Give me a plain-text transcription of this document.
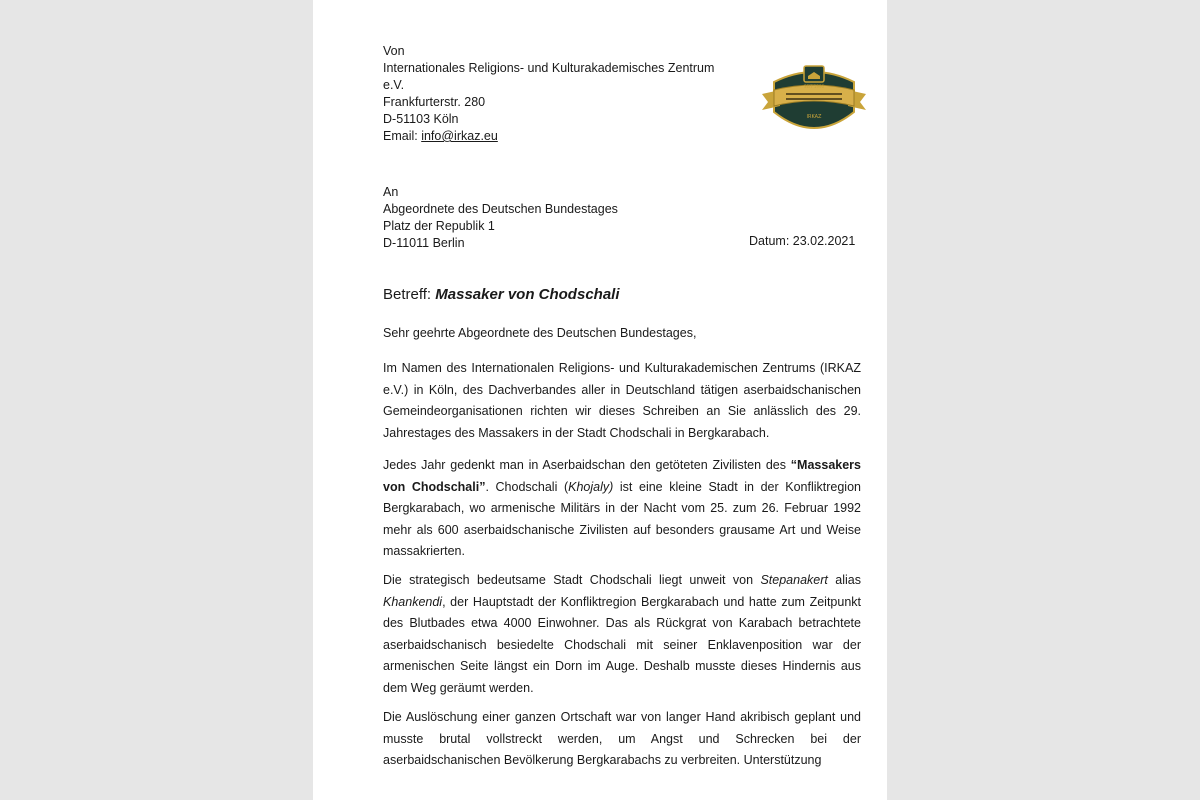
Von
Internationales Religions- und Kulturakademisches Zentrum
e.V.
Frankfurterstr. 280
D-51103 Köln
Email: info@irkaz.eu
SEIT 1996
IRKAZ
An
Abgeordnete des Deutschen Bundestages
Platz der Republik 1
D-11011 Berlin	Datum: 23.02.2021
Betreff: Massaker von Chodschali
Sehr geehrte Abgeordnete des Deutschen Bundestages,

Im Namen des Internationalen Religions- und Kulturakademischen Zentrums (IRKAZ e.V.) in Köln, des Dachverbandes aller in Deutschland tätigen aserbaidschanischen Gemeindeorganisationen richten wir dieses Schreiben an Sie anlässlich des 29. Jahrestages des Massakers in der Stadt Chodschali in Bergkarabach.

Jedes Jahr gedenkt man in Aserbaidschan den getöteten Zivilisten des “Massakers von Chodschali”. Chodschali (Khojaly) ist eine kleine Stadt in der Konfliktregion Bergkarabach, wo armenische Militärs in der Nacht vom 25. zum 26. Februar 1992 mehr als 600 aserbaidschanische Zivilisten auf besonders grausame Art und Weise massakrierten.

Die strategisch bedeutsame Stadt Chodschali liegt unweit von Stepanakert alias Khankendi, der Hauptstadt der Konfliktregion Bergkarabach und hatte zum Zeitpunkt des Blutbades etwa 4000 Einwohner. Das als Rückgrat von Karabach betrachtete aserbaidschanisch besiedelte Chodschali mit seiner Enklavenposition war der armenischen Seite längst ein Dorn im Auge. Deshalb musste dieses Hindernis aus dem Weg geräumt werden.

Die Auslöschung einer ganzen Ortschaft war von langer Hand akribisch geplant und musste brutal vollstreckt werden, um Angst und Schrecken bei der aserbaidschanischen Bevölkerung Bergkarabachs zu verbreiten. Unterstützung
